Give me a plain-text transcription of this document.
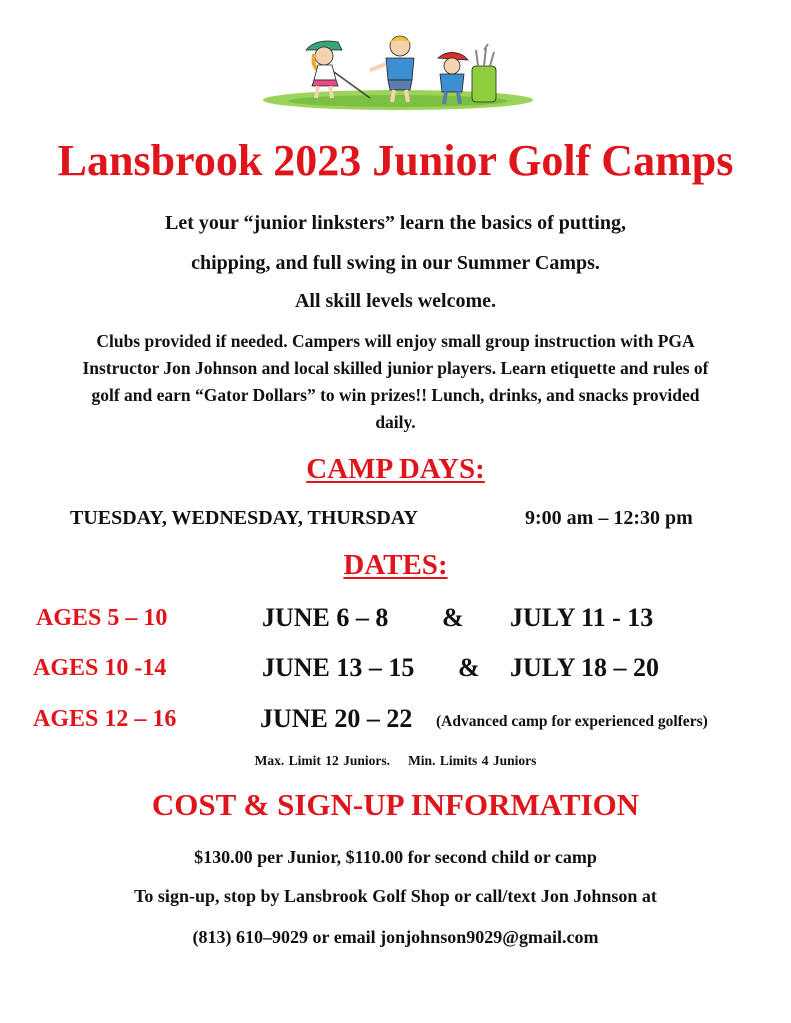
Lansbrook 2023 Junior Golf Camps
Let your “junior linksters” learn the basics of putting,
chipping, and full swing in our Summer Camps.
All skill levels welcome.
Clubs provided if needed. Campers will enjoy small group instruction with PGA
Instructor Jon Johnson and local skilled junior players. Learn etiquette and rules of
golf and earn “Gator Dollars” to win prizes!! Lunch, drinks, and snacks provided
daily.
CAMP DAYS:
TUESDAY, WEDNESDAY, THURSDAY	9:00 am – 12:30 pm
DATES:
AGES 5 – 10	JUNE 6 – 8 & JULY 11 - 13
AGES 10 -14	JUNE 13 – 15 & JULY 18 – 20
AGES 12 – 16	JUNE 20 – 22 (Advanced camp for experienced golfers)
Max. Limit 12 Juniors. Min. Limits 4 Juniors
COST & SIGN-UP INFORMATION
$130.00 per Junior, $110.00 for second child or camp
To sign-up, stop by Lansbrook Golf Shop or call/text Jon Johnson at
(813) 610–9029 or email jonjohnson9029@gmail.com
